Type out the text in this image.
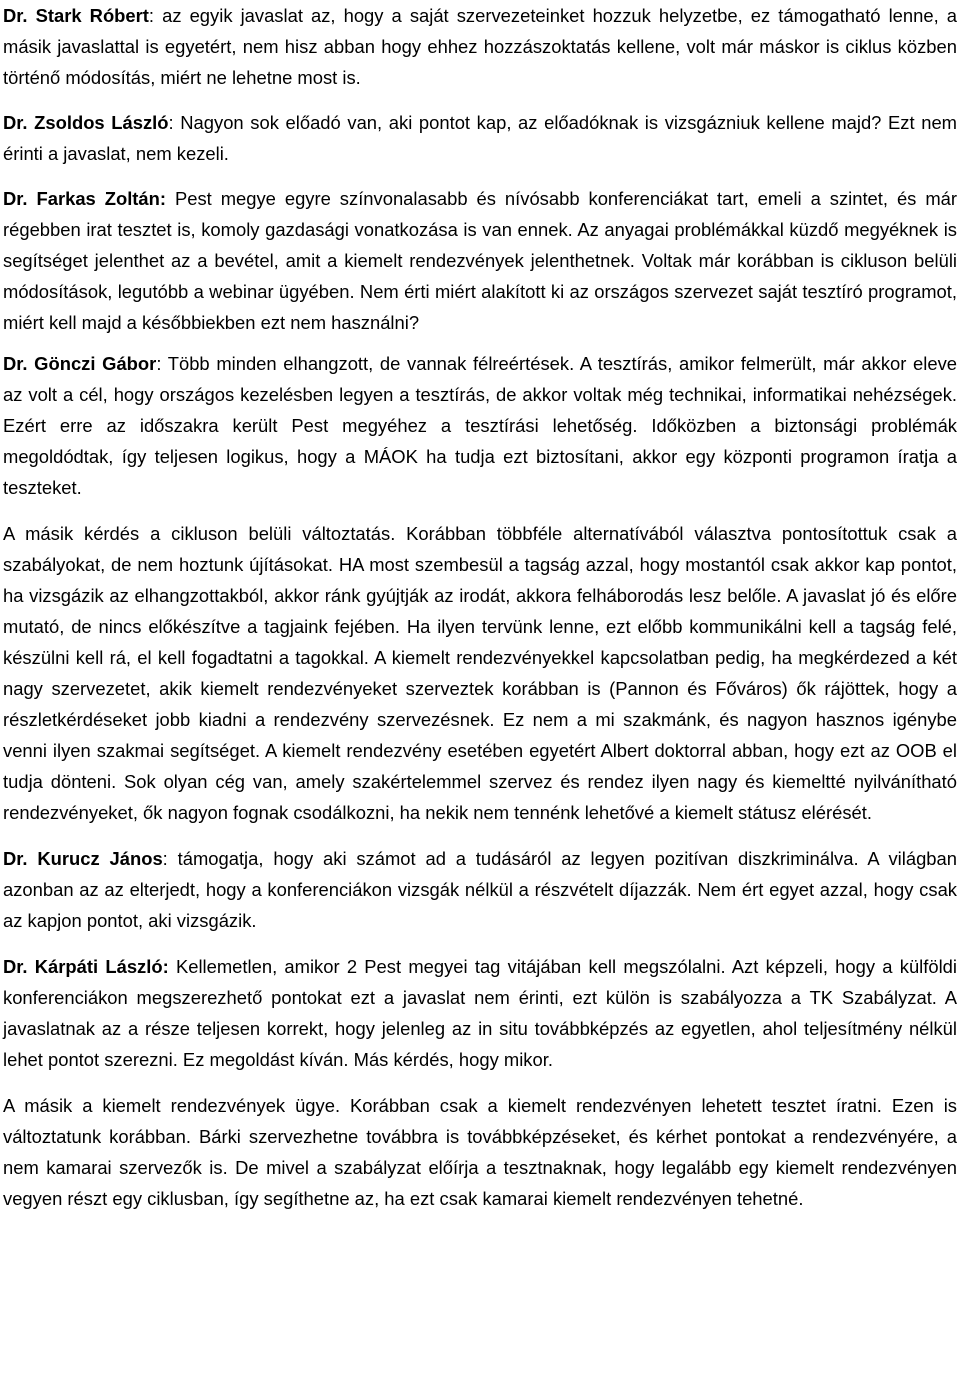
Dr. Stark Róbert: az egyik javaslat az, hogy a saját szervezeteinket hozzuk helyzetbe, ez támogatható lenne, a másik javaslattal is egyetért, nem hisz abban hogy ehhez hozzászoktatás kellene, volt már máskor is ciklus közben történő módosítás, miért ne lehetne most is.

Dr. Zsoldos László: Nagyon sok előadó van, aki pontot kap, az előadóknak is vizsgázniuk kellene majd? Ezt nem érinti a javaslat, nem kezeli.

Dr. Farkas Zoltán: Pest megye egyre színvonalasabb és nívósabb konferenciákat tart, emeli a szintet, és már régebben irat tesztet is, komoly gazdasági vonatkozása is van ennek. Az anyagai problémákkal küzdő megyéknek is segítséget jelenthet az a bevétel, amit a kiemelt rendezvények jelenthetnek. Voltak már korábban is cikluson belüli módosítások, legutóbb a webinar ügyében. Nem érti miért alakított ki az országos szervezet saját tesztíró programot, miért kell majd a későbbiekben ezt nem használni?

Dr. Gönczi Gábor: Több minden elhangzott, de vannak félreértések. A tesztírás, amikor felmerült, már akkor eleve az volt a cél, hogy országos kezelésben legyen a tesztírás, de akkor voltak még technikai, informatikai nehézségek. Ezért erre az időszakra került Pest megyéhez a tesztírási lehetőség. Időközben a biztonsági problémák megoldódtak, így teljesen logikus, hogy a MÁOK ha tudja ezt biztosítani, akkor egy központi programon íratja a teszteket.

A másik kérdés a cikluson belüli változtatás. Korábban többféle alternatívából választva pontosítottuk csak a szabályokat, de nem hoztunk újításokat. HA most szembesül a tagság azzal, hogy mostantól csak akkor kap pontot, ha vizsgázik az elhangzottakból, akkor ránk gyújtják az irodát, akkora felháborodás lesz belőle. A javaslat jó és előre mutató, de nincs előkészítve a tagjaink fejében. Ha ilyen tervünk lenne, ezt előbb kommunikálni kell a tagság felé, készülni kell rá, el kell fogadtatni a tagokkal. A kiemelt rendezvényekkel kapcsolatban pedig, ha megkérdezed a két nagy szervezetet, akik kiemelt rendezvényeket szerveztek korábban is (Pannon és Főváros) ők rájöttek, hogy a részletkérdéseket jobb kiadni a rendezvény szervezésnek. Ez nem a mi szakmánk, és nagyon hasznos igénybe venni ilyen szakmai segítséget. A kiemelt rendezvény esetében egyetért Albert doktorral abban, hogy ezt az OOB el tudja dönteni. Sok olyan cég van, amely szakértelemmel szervez és rendez ilyen nagy és kiemeltté nyilvánítható rendezvényeket, ők nagyon fognak csodálkozni, ha nekik nem tennénk lehetővé a kiemelt státusz elérését.

Dr. Kurucz János: támogatja, hogy aki számot ad a tudásáról az legyen pozitívan diszkriminálva. A világban azonban az az elterjedt, hogy a konferenciákon vizsgák nélkül a részvételt díjazzák. Nem ért egyet azzal, hogy csak az kapjon pontot, aki vizsgázik.

Dr. Kárpáti László: Kellemetlen, amikor 2 Pest megyei tag vitájában kell megszólalni. Azt képzeli, hogy a külföldi konferenciákon megszerezhető pontokat ezt a javaslat nem érinti, ezt külön is szabályozza a TK Szabályzat. A javaslatnak az a része teljesen korrekt, hogy jelenleg az in situ továbbképzés az egyetlen, ahol teljesítmény nélkül lehet pontot szerezni. Ez megoldást kíván. Más kérdés, hogy mikor.

A másik a kiemelt rendezvények ügye. Korábban csak a kiemelt rendezvényen lehetett tesztet íratni. Ezen is változtatunk korábban. Bárki szervezhetne továbbra is továbbképzéseket, és kérhet pontokat a rendezvényére, a nem kamarai szervezők is. De mivel a szabályzat előírja a tesztnaknak, hogy legalább egy kiemelt rendezvényen vegyen részt egy ciklusban, így segíthetne az, ha ezt csak kamarai kiemelt rendezvényen tehetné.
